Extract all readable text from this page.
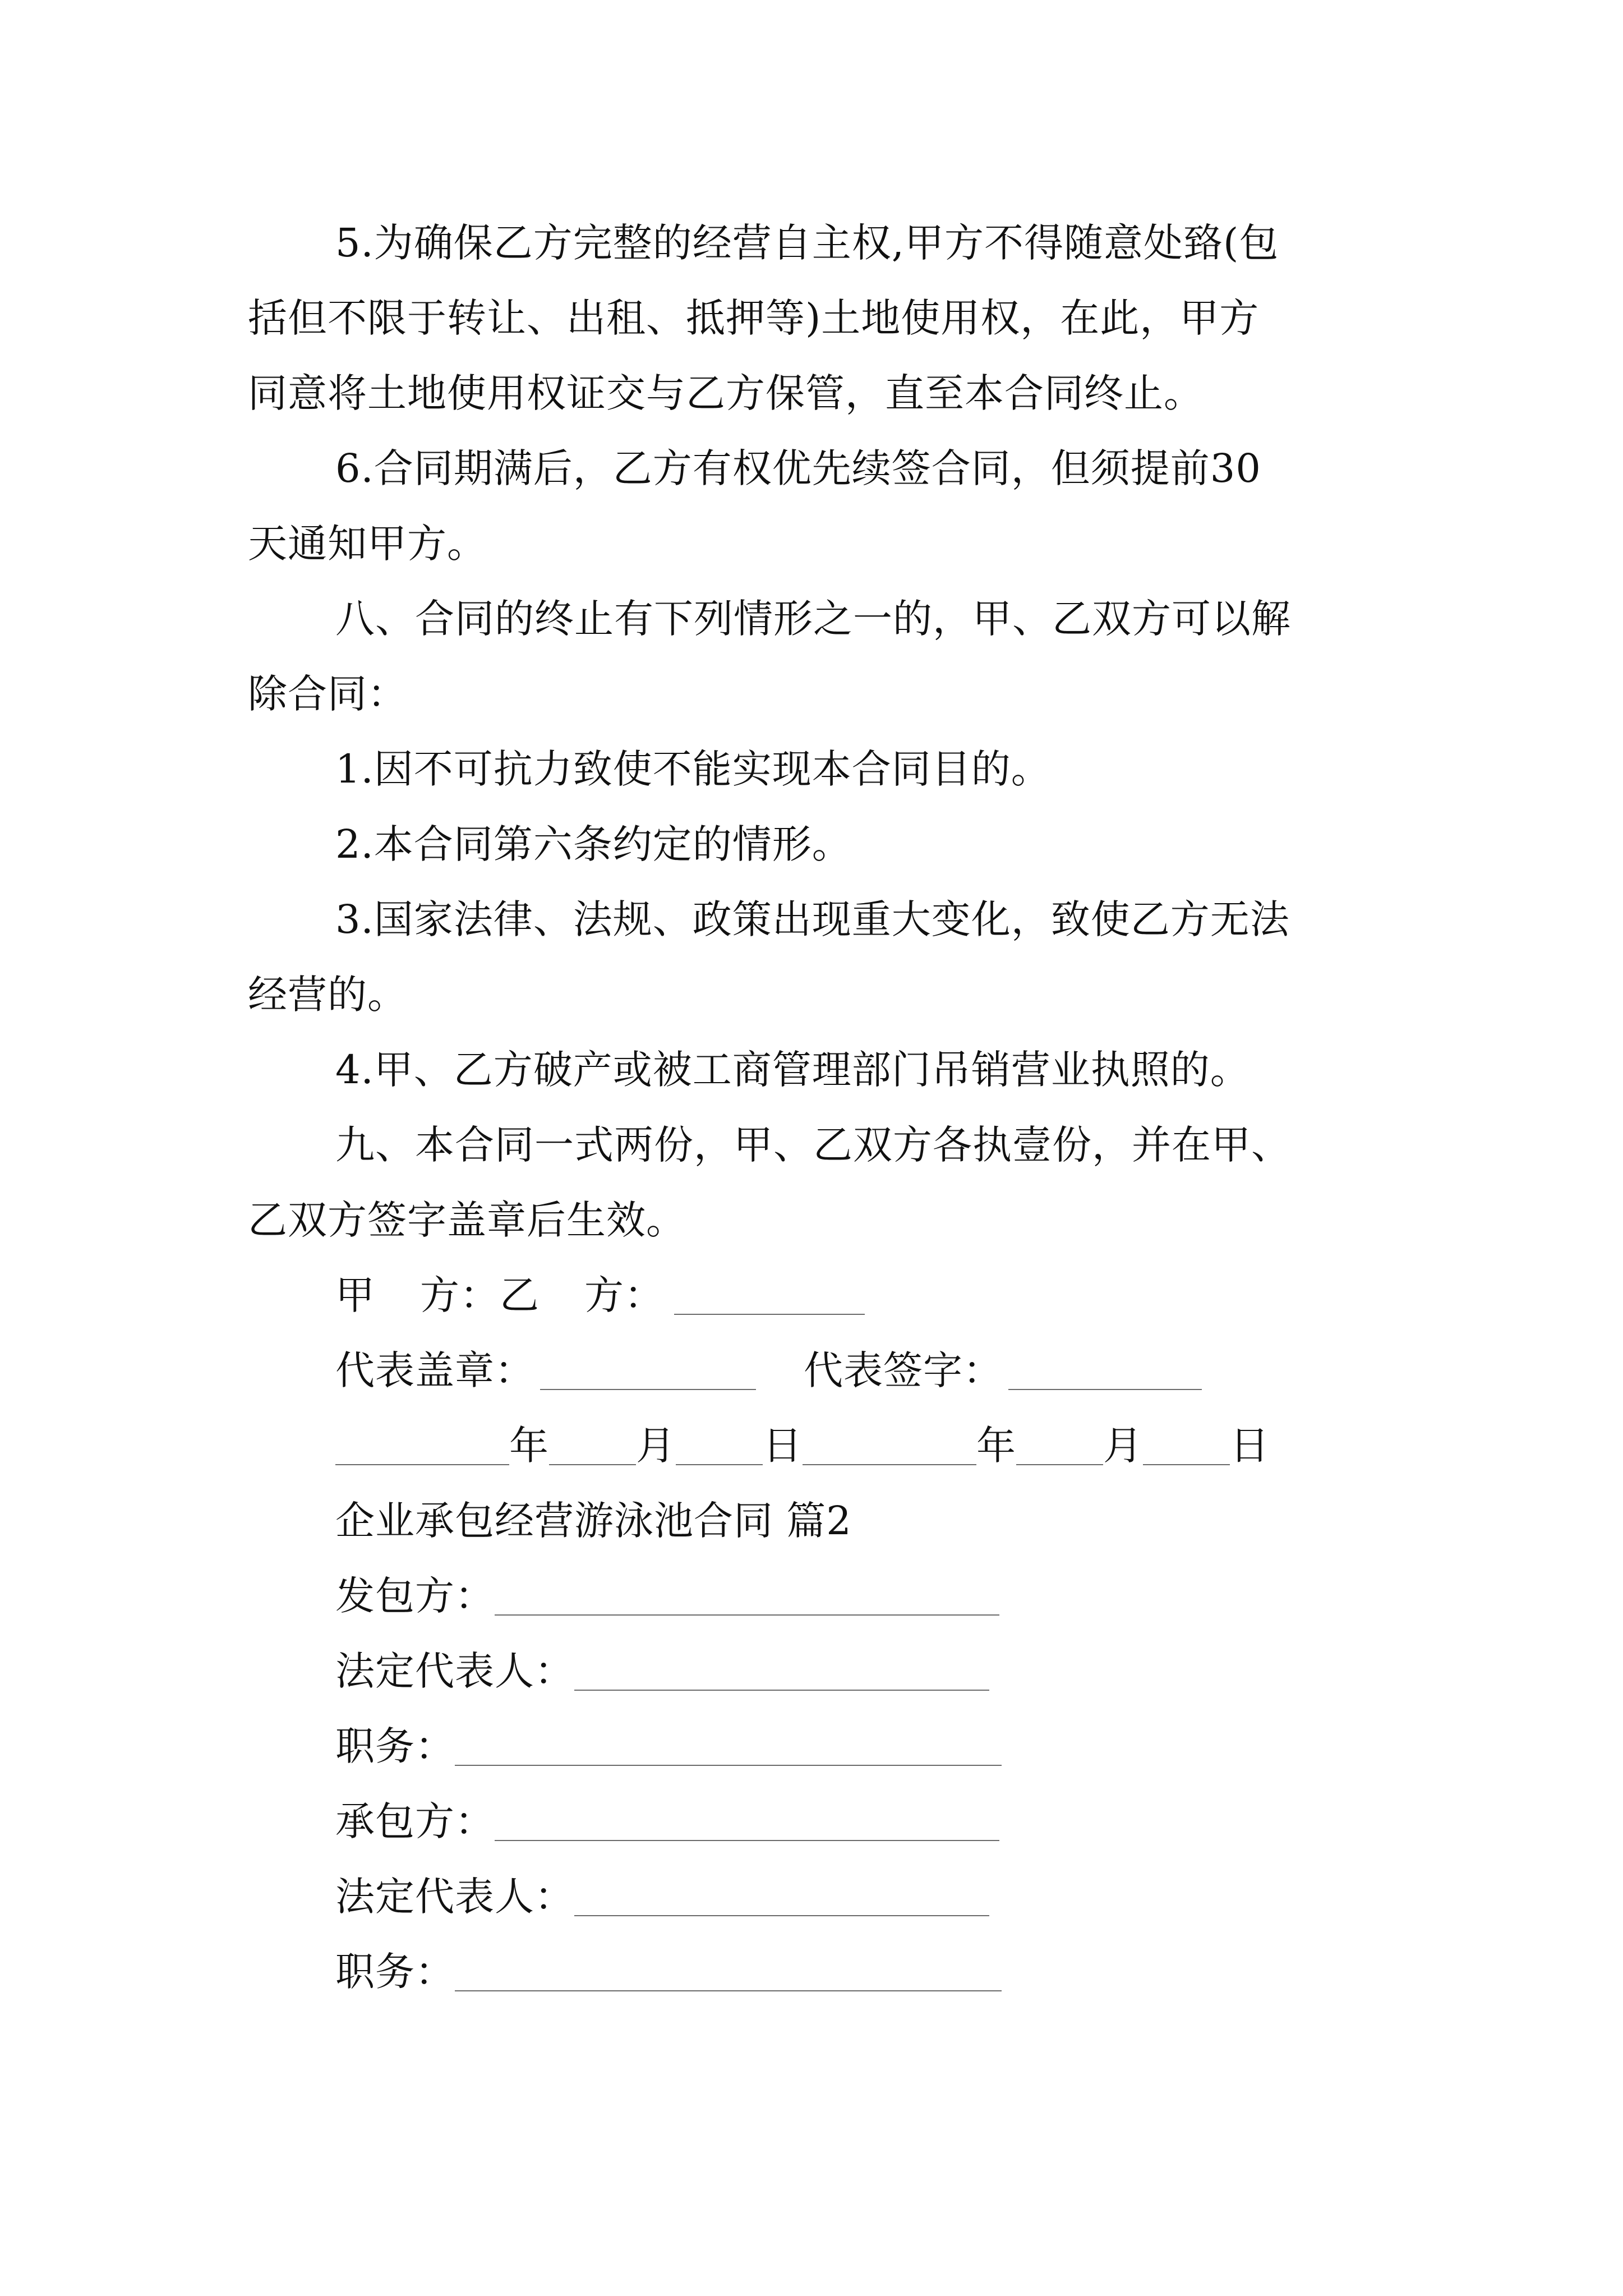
5.为确保乙方完整的经营自主权,甲方不得随意处臵(包
括但不限于转让、出租、抵押等)土地使用权，在此，甲方
同意将土地使用权证交与乙方保管，直至本合同终止。
6.合同期满后，乙方有权优先续签合同，但须提前30
天通知甲方。
八、合同的终止有下列情形之一的，甲、乙双方可以解
除合同：
1.因不可抗力致使不能实现本合同目的。
2.本合同第六条约定的情形。
3.国家法律、法规、政策出现重大变化，致使乙方无法
经营的。
4.甲、乙方破产或被工商管理部门吊销营业执照的。
九、本合同一式两份，甲、乙双方各执壹份，并在甲、
乙双方签字盖章后生效。
甲 方：乙 方：
代表盖章：	代表签字：
年 月 日	年 月 日
企业承包经营游泳池合同 篇2
发包方：
法定代表人：
职务：
承包方：
法定代表人：
职务：
